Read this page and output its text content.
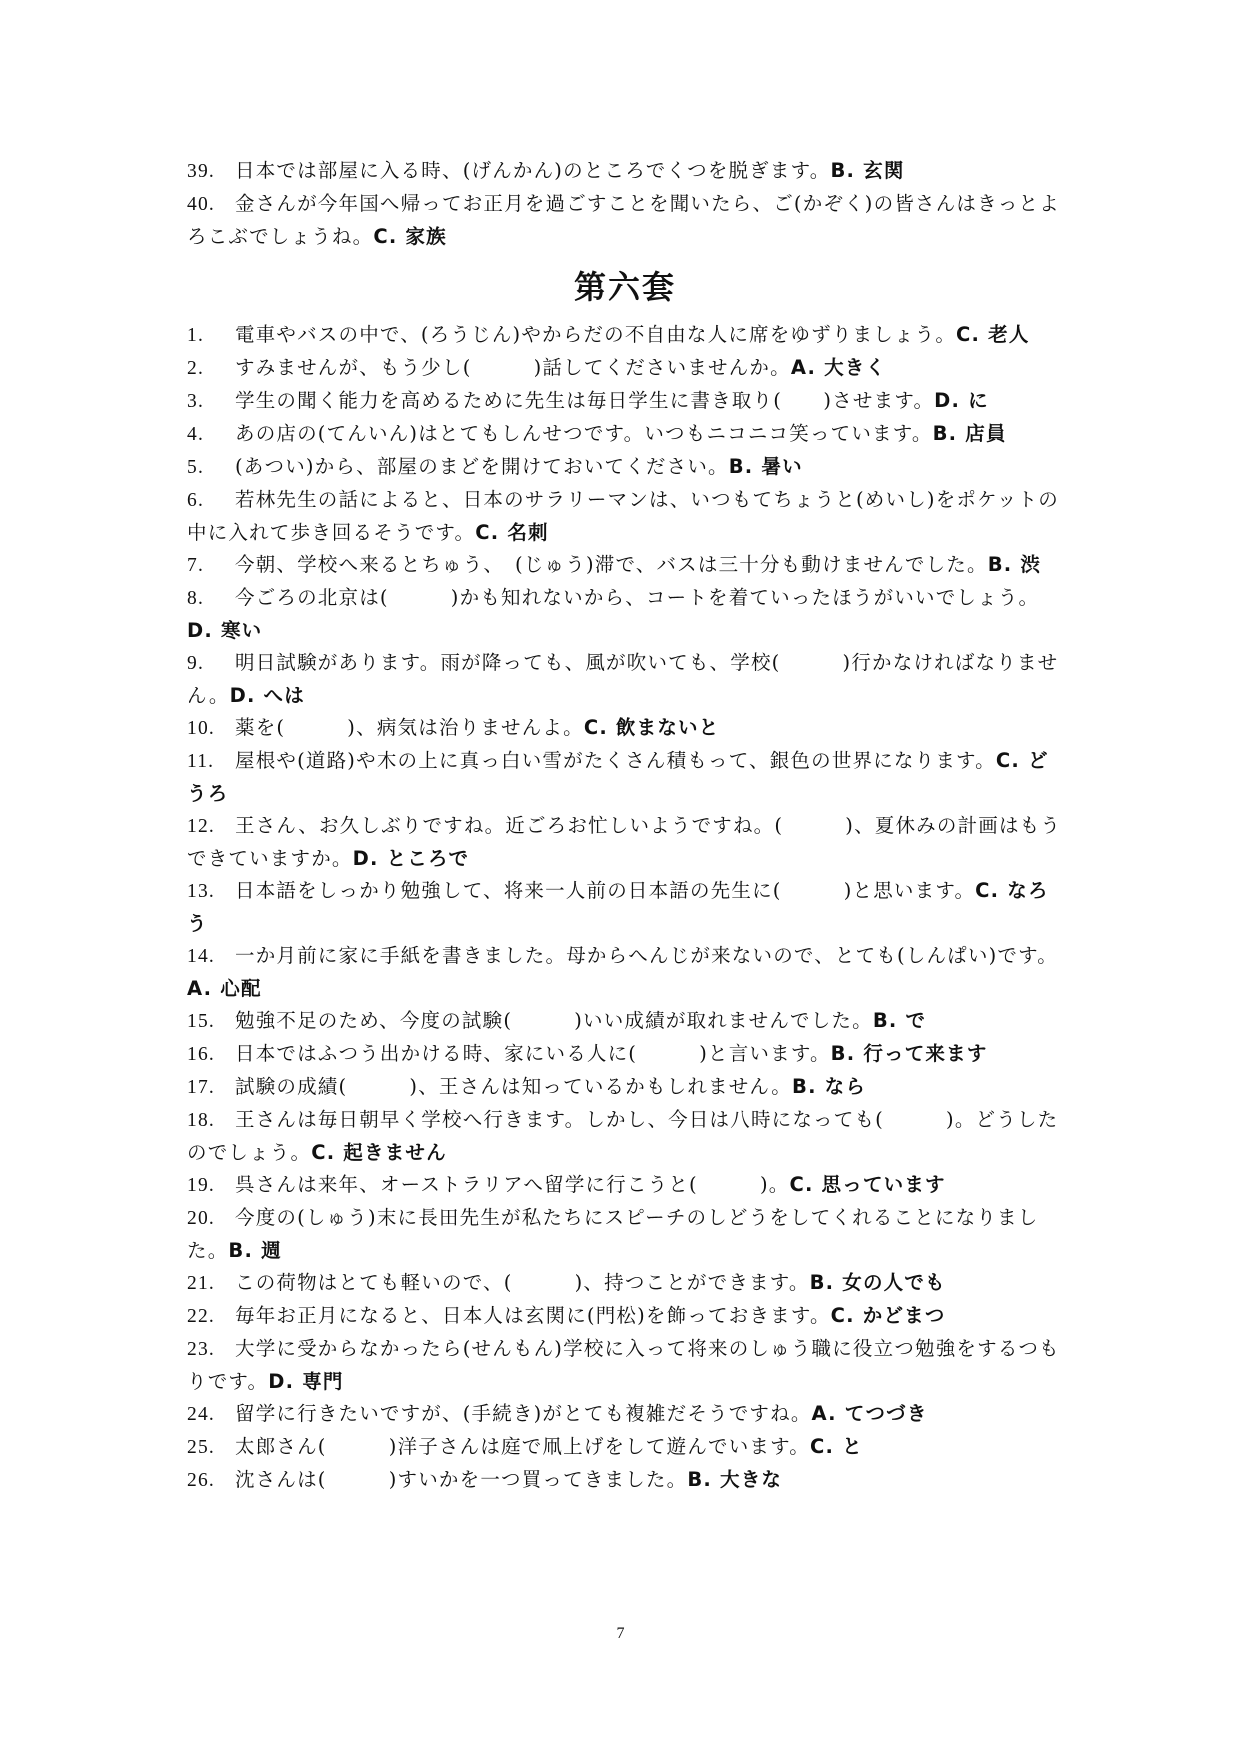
39. 日本では部屋に入る時、(げんかん)のところでくつを脱ぎます。B. 玄関
40. 金さんが今年国へ帰ってお正月を過ごすことを聞いたら、ご(かぞく)の皆さんはきっとよろこぶでしょうね。C. 家族
第六套
1. 電車やバスの中で、(ろうじん)やからだの不自由な人に席をゆずりましょう。C. 老人
2. すみませんが、もう少し(　　　)話してくださいませんか。A. 大きく
3. 学生の聞く能力を高めるために先生は毎日学生に書き取り(　　)させます。D. に
4. あの店の(てんいん)はとてもしんせつです。いつもニコニコ笑っています。B. 店員
5. (あつい)から、部屋のまどを開けておいてください。B. 暑い
6. 若林先生の話によると、日本のサラリーマンは、いつもてちょうと(めいし)をポケットの中に入れて歩き回るそうです。C. 名刺
7. 今朝、学校へ来るとちゅう、　(じゅう)滞で、バスは三十分も動けませんでした。B. 渋
8. 今ごろの北京は(　　　)かも知れないから、コートを着ていったほうがいいでしょう。D. 寒い
9. 明日試験があります。雨が降っても、風が吹いても、学校(　　　)行かなければなりません。D. へは
10. 薬を(　　　)、病気は治りませんよ。C. 飲まないと
11. 屋根や(道路)や木の上に真っ白い雪がたくさん積もって、銀色の世界になります。C. どうろ
12. 王さん、お久しぶりですね。近ごろお忙しいようですね。(　　　)、夏休みの計画はもうできていますか。D. ところで
13. 日本語をしっかり勉強して、将来一人前の日本語の先生に(　　　)と思います。C. なろう
14. 一か月前に家に手紙を書きました。母からへんじが来ないので、とても(しんぱい)です。A. 心配
15. 勉強不足のため、今度の試験(　　　)いい成績が取れませんでした。B. で
16. 日本ではふつう出かける時、家にいる人に(　　　)と言います。B. 行って来ます
17. 試験の成績(　　　)、王さんは知っているかもしれません。B. なら
18. 王さんは毎日朝早く学校へ行きます。しかし、今日は八時になっても(　　　)。どうしたのでしょう。C. 起きません
19. 呉さんは来年、オーストラリアへ留学に行こうと(　　　)。C. 思っています
20. 今度の(しゅう)末に長田先生が私たちにスピーチのしどうをしてくれることになりました。B. 週
21. この荷物はとても軽いので、(　　　)、持つことができます。B. 女の人でも
22. 毎年お正月になると、日本人は玄関に(門松)を飾っておきます。C. かどまつ
23. 大学に受からなかったら(せんもん)学校に入って将来のしゅう職に役立つ勉強をするつもりです。D. 専門
24. 留学に行きたいですが、(手続き)がとても複雑だそうですね。A. てつづき
25. 太郎さん(　　　)洋子さんは庭で凧上げをして遊んでいます。C. と
26. 沈さんは(　　　)すいかを一つ買ってきました。B. 大きな
7
